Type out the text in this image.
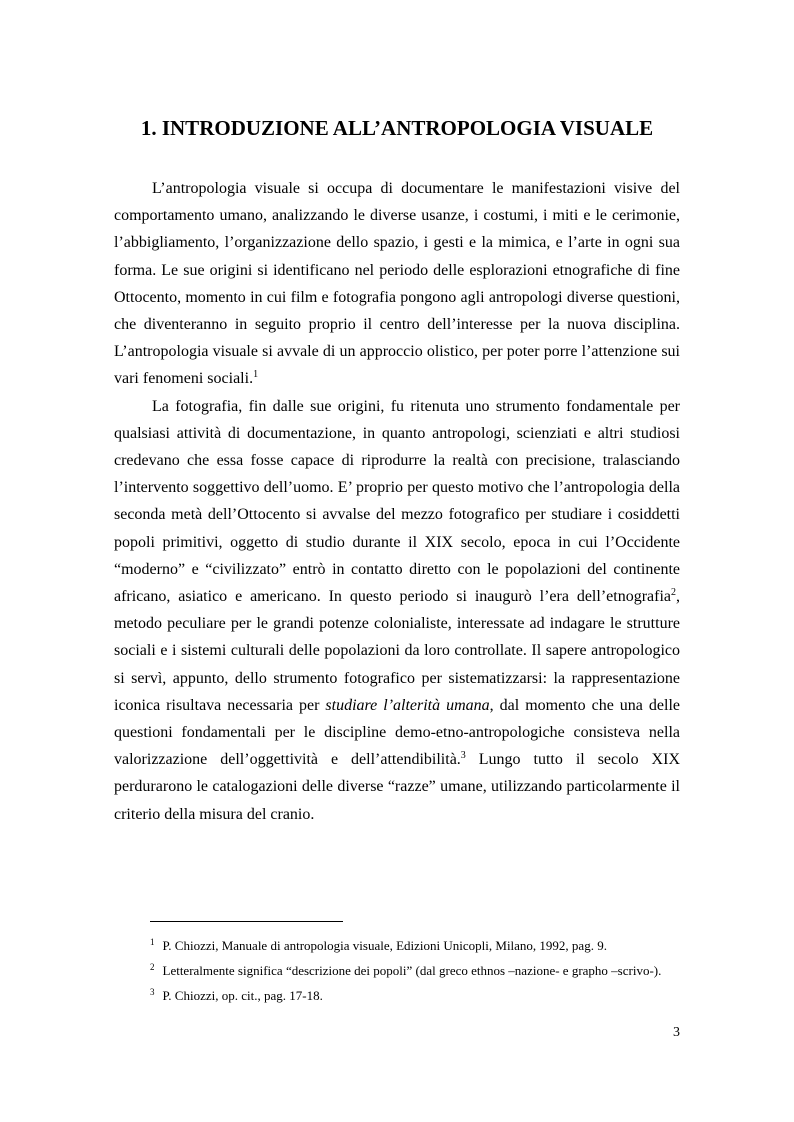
1. INTRODUZIONE ALL’ANTROPOLOGIA VISUALE

L’antropologia visuale si occupa di documentare le manifestazioni visive del comportamento umano, analizzando le diverse usanze, i costumi, i miti e le cerimonie, l’abbigliamento, l’organizzazione dello spazio, i gesti e la mimica, e l’arte in ogni sua forma. Le sue origini si identificano nel periodo delle esplorazioni etnografiche di fine Ottocento, momento in cui film e fotografia pongono agli antropologi diverse questioni, che diventeranno in seguito proprio il centro dell’interesse per la nuova disciplina. L’antropologia visuale si avvale di un approccio olistico, per poter porre l’attenzione sui vari fenomeni sociali.$^1$

La fotografia, fin dalle sue origini, fu ritenuta uno strumento fondamentale per qualsiasi attività di documentazione, in quanto antropologi, scienziati e altri studiosi credevano che essa fosse capace di riprodurre la realtà con precisione, tralasciando l’intervento soggettivo dell’uomo. E’ proprio per questo motivo che l’antropologia della seconda metà dell’Ottocento si avvalse del mezzo fotografico per studiare i cosiddetti popoli primitivi, oggetto di studio durante il XIX secolo, epoca in cui l’Occidente “moderno” e “civilizzato” entrò in contatto diretto con le popolazioni del continente africano, asiatico e americano. In questo periodo si inaugurò l’era dell’etnografia$^2$, metodo peculiare per le grandi potenze colonialiste, interessate ad indagare le strutture sociali e i sistemi culturali delle popolazioni da loro controllate. Il sapere antropologico si servì, appunto, dello strumento fotografico per sistematizzarsi: la rappresentazione iconica risultava necessaria per studiare l’alterità umana, dal momento che una delle questioni fondamentali per le discipline demo-etno-antropologiche consisteva nella valorizzazione dell’oggettività e dell’attendibilità.$^3$ Lungo tutto il secolo XIX perdurarono le catalogazioni delle diverse “razze” umane, utilizzando particolarmente il criterio della misura del cranio.

$^1$ P. Chiozzi, Manuale di antropologia visuale, Edizioni Unicopli, Milano, 1992, pag. 9.

$^2$ Letteralmente significa “descrizione dei popoli” (dal greco ethnos –nazione- e grapho –scrivo-).

$^3$ P. Chiozzi, op. cit., pag. 17-18.

3
